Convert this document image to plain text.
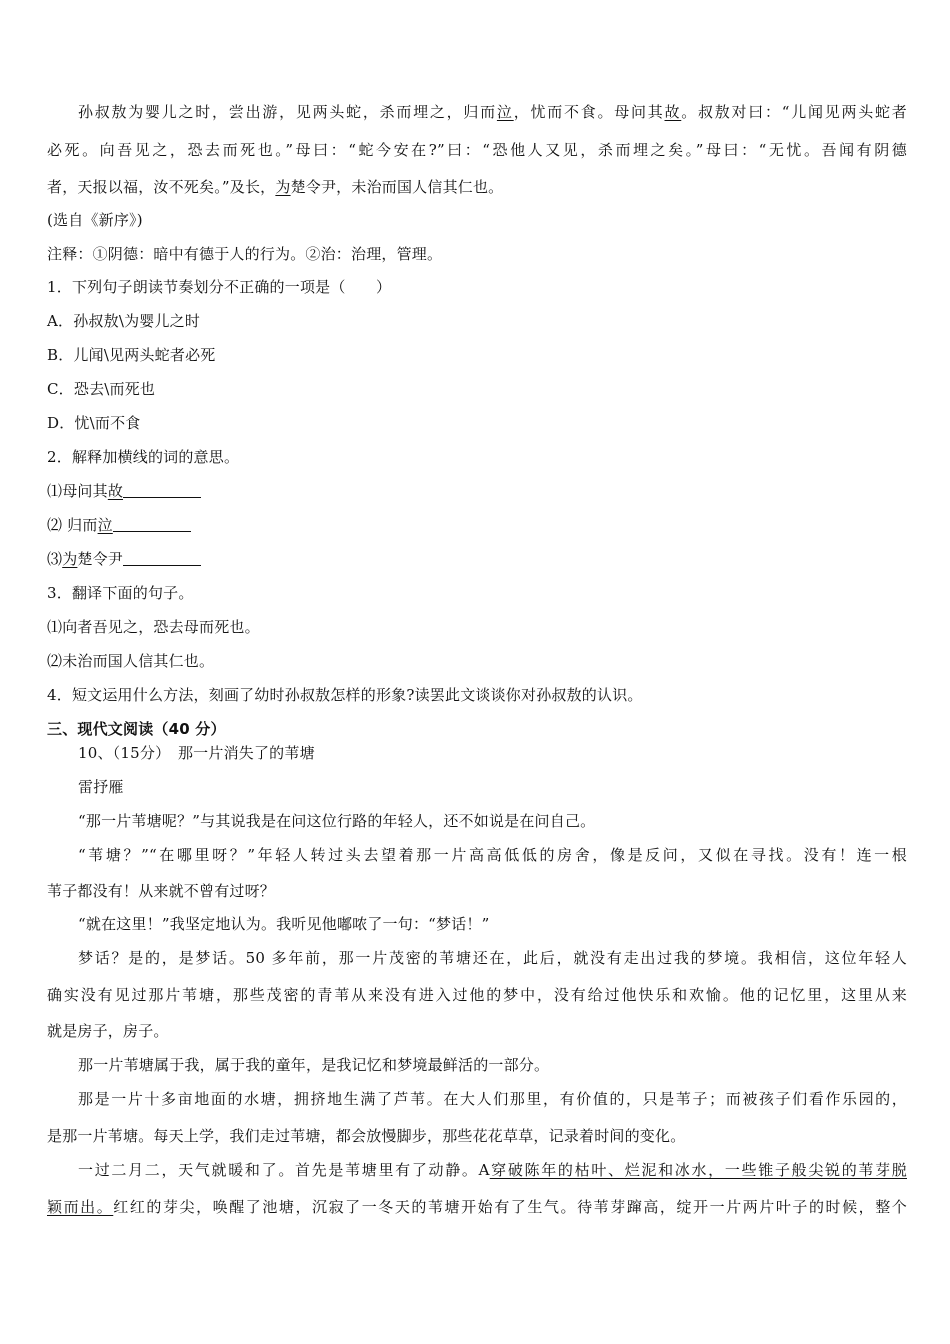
孙叔敖为婴儿之时，尝出游，见两头蛇，杀而埋之，归而泣，忧而不食。母问其故。叔敖对曰：“儿闻见两头蛇者
必死。向吾见之，恐去而死也。”母曰：“蛇今安在?”曰：“恐他人又见，杀而埋之矣。”母曰：“无忧。吾闻有阴德
者，天报以福，汝不死矣。”及长，为楚令尹，未治而国人信其仁也。
(选自《新序》)
注释：①阴德：暗中有德于人的行为。②治：治理，管理。
1．下列句子朗读节奏划分不正确的一项是（　　）
A．孙叔敖\为婴儿之时
B．儿闻\见两头蛇者必死
C．恐去\而死也
D．忧\而不食
2．解释加横线的词的意思。
⑴母问其故
⑵ 归而泣
⑶为楚令尹
3．翻译下面的句子。
⑴向者吾见之，恐去母而死也。
⑵未治而国人信其仁也。
4．短文运用什么方法，刻画了幼时孙叔敖怎样的形象?读罢此文谈谈你对孙叔敖的认识。
三、现代文阅读（40 分）
10、（15分）　那一片消失了的苇塘
雷抒雁
“那一片苇塘呢？”与其说我是在问这位行路的年轻人，还不如说是在问自己。
“苇塘？”“在哪里呀？”年轻人转过头去望着那一片高高低低的房舍，像是反问，又似在寻找。没有！连一根
苇子都没有！从来就不曾有过呀？
“就在这里！”我坚定地认为。我听见他嘟哝了一句：“梦话！”
梦话？是的，是梦话。50 多年前，那一片茂密的苇塘还在，此后，就没有走出过我的梦境。我相信，这位年轻人
确实没有见过那片苇塘，那些茂密的青苇从来没有进入过他的梦中，没有给过他快乐和欢愉。他的记忆里，这里从来
就是房子，房子。
那一片苇塘属于我，属于我的童年，是我记忆和梦境最鲜活的一部分。
那是一片十多亩地面的水塘，拥挤地生满了芦苇。在大人们那里，有价值的，只是苇子；而被孩子们看作乐园的，
是那一片苇塘。每天上学，我们走过苇塘，都会放慢脚步，那些花花草草，记录着时间的变化。
一过二月二，天气就暖和了。首先是苇塘里有了动静。A穿破陈年的枯叶、烂泥和冰水，一些锥子般尖锐的苇芽脱
颖而出。红红的芽尖，唤醒了池塘，沉寂了一冬天的苇塘开始有了生气。待苇芽蹿高，绽开一片两片叶子的时候，整个
